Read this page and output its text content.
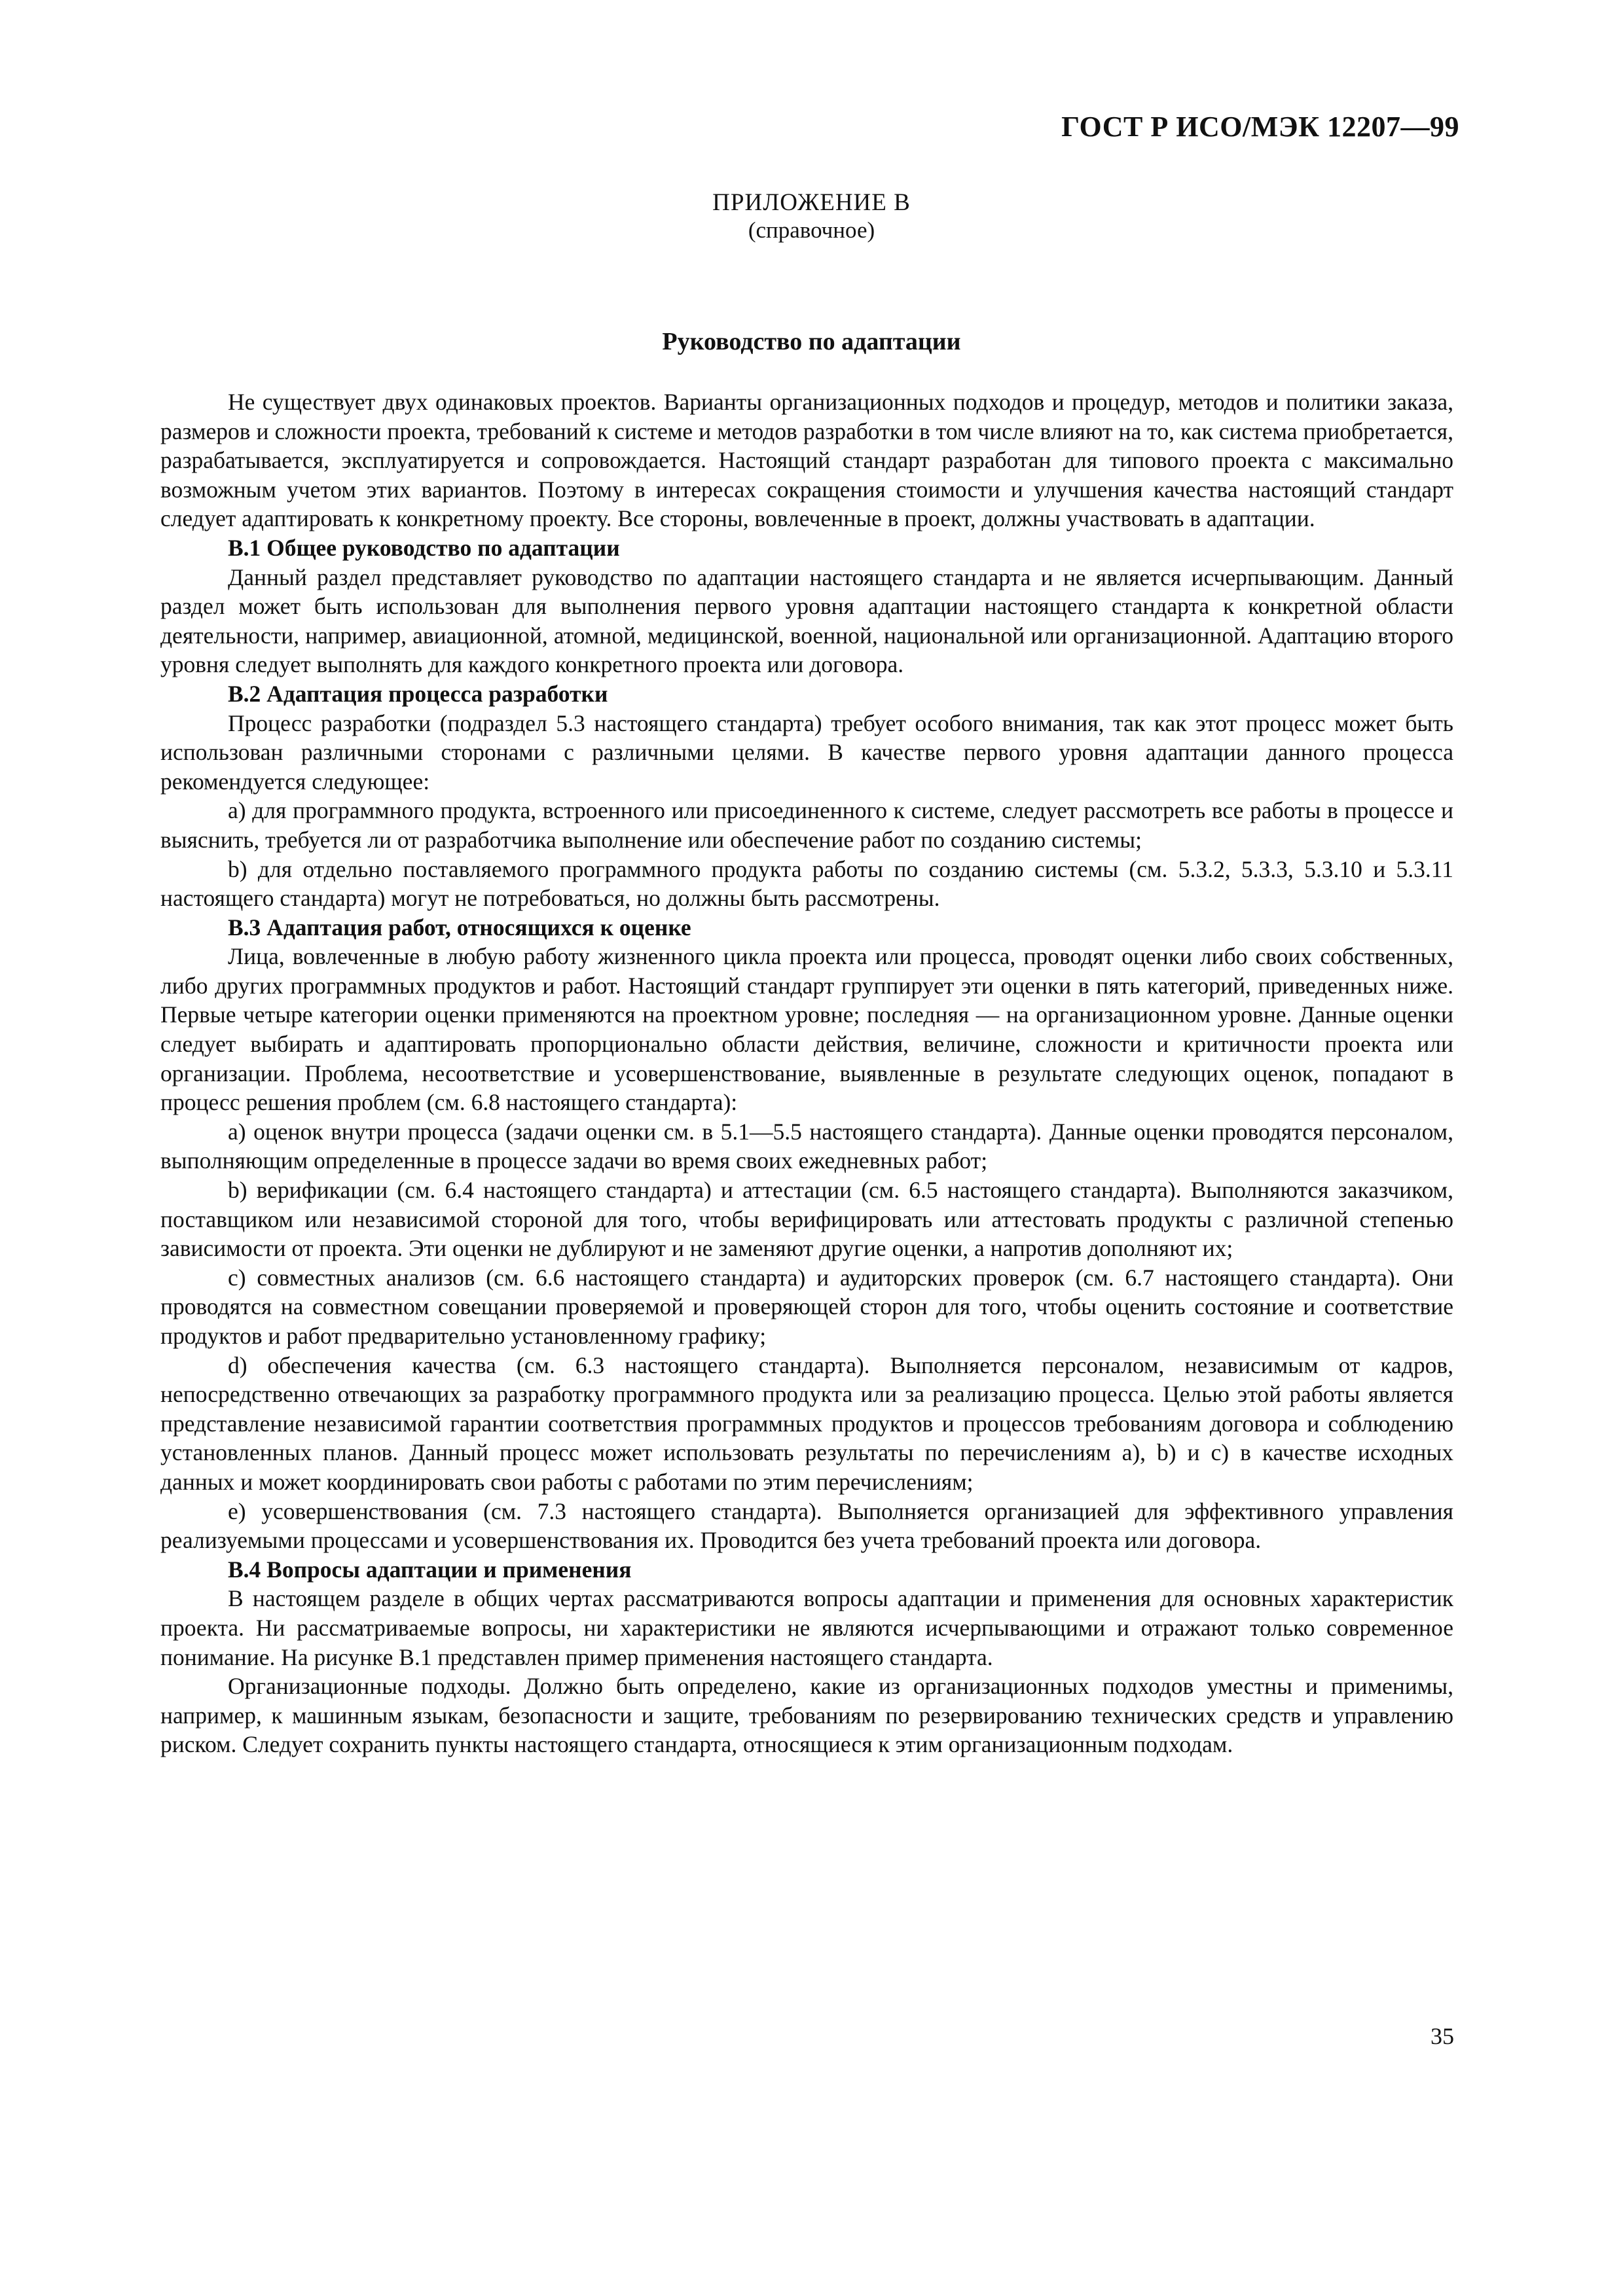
ГОСТ Р ИСО/МЭК 12207—99
ПРИЛОЖЕНИЕ В
(справочное)
Руководство по адаптации

Не существует двух одинаковых проектов. Варианты организационных подходов и процедур, методов и политики заказа, размеров и сложности проекта, требований к системе и методов разработки в том числе влияют на то, как система приобретается, разрабатывается, эксплуатируется и сопровождается. Настоящий стандарт разработан для типового проекта с максимально возможным учетом этих вариантов. Поэтому в интересах сокращения стоимости и улучшения качества настоящий стандарт следует адаптировать к конкретному проекту. Все стороны, вовлеченные в проект, должны участвовать в адаптации.

В.1 Общее руководство по адаптации

Данный раздел представляет руководство по адаптации настоящего стандарта и не является исчерпывающим. Данный раздел может быть использован для выполнения первого уровня адаптации настоящего стандарта к конкретной области деятельности, например, авиационной, атомной, медицинской, военной, национальной или организационной. Адаптацию второго уровня следует выполнять для каждого конкретного проекта или договора.

В.2 Адаптация процесса разработки

Процесс разработки (подраздел 5.3 настоящего стандарта) требует особого внимания, так как этот процесс может быть использован различными сторонами с различными целями. В качестве первого уровня адаптации данного процесса рекомендуется следующее:

a) для программного продукта, встроенного или присоединенного к системе, следует рассмотреть все работы в процессе и выяснить, требуется ли от разработчика выполнение или обеспечение работ по созданию системы;

b) для отдельно поставляемого программного продукта работы по созданию системы (см. 5.3.2, 5.3.3, 5.3.10 и 5.3.11 настоящего стандарта) могут не потребоваться, но должны быть рассмотрены.

В.3 Адаптация работ, относящихся к оценке

Лица, вовлеченные в любую работу жизненного цикла проекта или процесса, проводят оценки либо своих собственных, либо других программных продуктов и работ. Настоящий стандарт группирует эти оценки в пять категорий, приведенных ниже. Первые четыре категории оценки применяются на проектном уровне; последняя — на организационном уровне. Данные оценки следует выбирать и адаптировать пропорционально области действия, величине, сложности и критичности проекта или организации. Проблема, несоответствие и усовершенствование, выявленные в результате следующих оценок, попадают в процесс решения проблем (см. 6.8 настоящего стандарта):

a) оценок внутри процесса (задачи оценки см. в 5.1—5.5 настоящего стандарта). Данные оценки проводятся персоналом, выполняющим определенные в процессе задачи во время своих ежедневных работ;

b) верификации (см. 6.4 настоящего стандарта) и аттестации (см. 6.5 настоящего стандарта). Выполняются заказчиком, поставщиком или независимой стороной для того, чтобы верифицировать или аттестовать продукты с различной степенью зависимости от проекта. Эти оценки не дублируют и не заменяют другие оценки, а напротив дополняют их;

c) совместных анализов (см. 6.6 настоящего стандарта) и аудиторских проверок (см. 6.7 настоящего стандарта). Они проводятся на совместном совещании проверяемой и проверяющей сторон для того, чтобы оценить состояние и соответствие продуктов и работ предварительно установленному графику;

d) обеспечения качества (см. 6.3 настоящего стандарта). Выполняется персоналом, независимым от кадров, непосредственно отвечающих за разработку программного продукта или за реализацию процесса. Целью этой работы является представление независимой гарантии соответствия программных продуктов и процессов требованиям договора и соблюдению установленных планов. Данный процесс может использовать результаты по перечислениям a), b) и c) в качестве исходных данных и может координировать свои работы с работами по этим перечислениям;

e) усовершенствования (см. 7.3 настоящего стандарта). Выполняется организацией для эффективного управления реализуемыми процессами и усовершенствования их. Проводится без учета требований проекта или договора.

В.4 Вопросы адаптации и применения

В настоящем разделе в общих чертах рассматриваются вопросы адаптации и применения для основных характеристик проекта. Ни рассматриваемые вопросы, ни характеристики не являются исчерпывающими и отражают только современное понимание. На рисунке В.1 представлен пример применения настоящего стандарта.

Организационные подходы. Должно быть определено, какие из организационных подходов уместны и применимы, например, к машинным языкам, безопасности и защите, требованиям по резервированию технических средств и управлению риском. Следует сохранить пункты настоящего стандарта, относящиеся к этим организационным подходам.

35
